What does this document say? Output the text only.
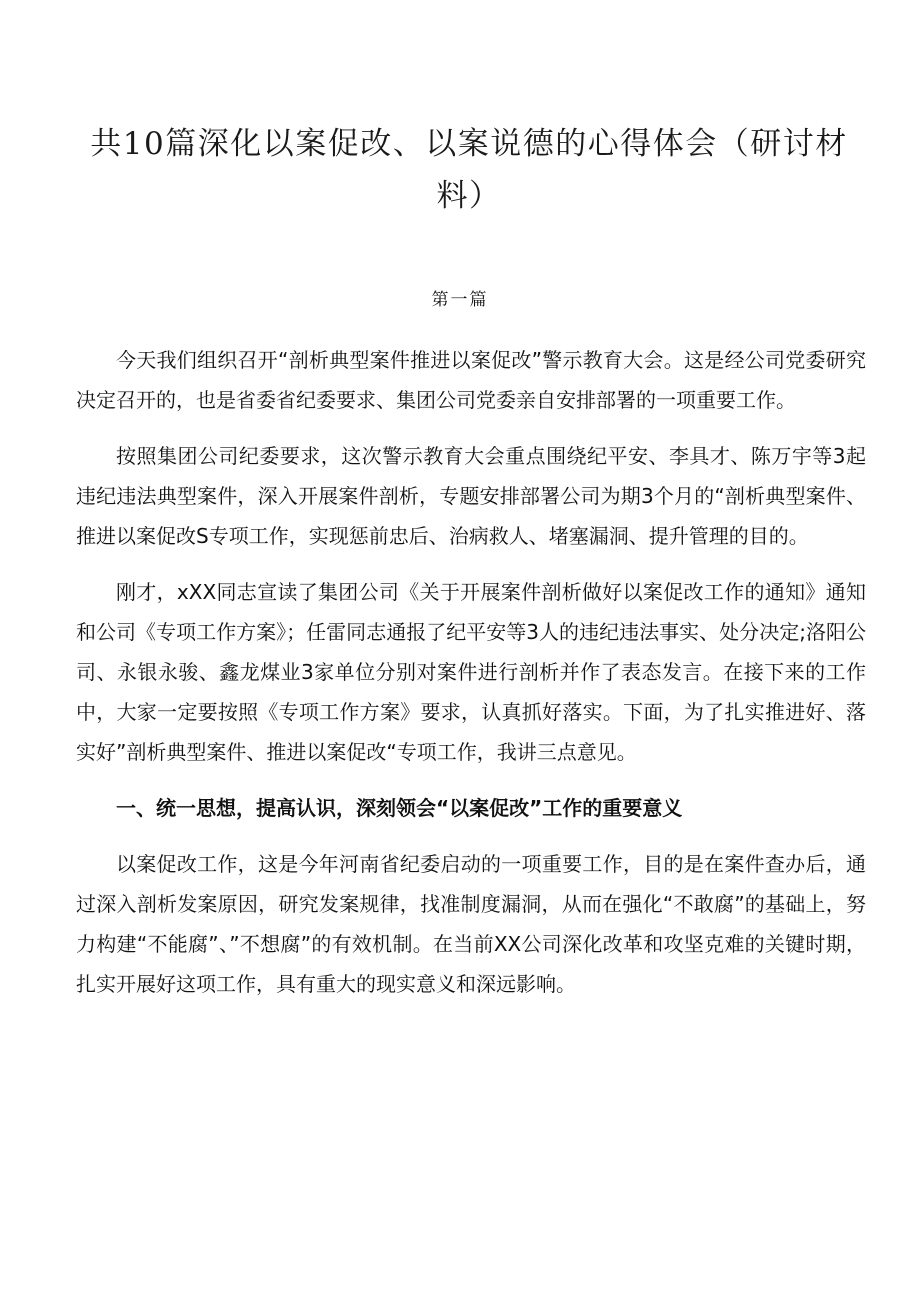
共10篇深化以案促改、以案说德的心得体会（研讨材料）
第一篇

今天我们组织召开“剖析典型案件推进以案促改”警示教育大会。这是经公司党委研究决定召开的，也是省委省纪委要求、集团公司党委亲自安排部署的一项重要工作。

按照集团公司纪委要求，这次警示教育大会重点围绕纪平安、李具才、陈万宇等3起违纪违法典型案件，深入开展案件剖析，专题安排部署公司为期3个月的“剖析典型案件、推进以案促改S专项工作，实现惩前忠后、治病救人、堵塞漏洞、提升管理的目的。

刚才，xXX同志宣读了集团公司《关于开展案件剖析做好以案促改工作的通知》通知和公司《专项工作方案》；任雷同志通报了纪平安等3人的违纪违法事实、处分决定;洛阳公司、永银永骏、鑫龙煤业3家单位分别对案件进行剖析并作了表态发言。在接下来的工作中，大家一定要按照《专项工作方案》要求，认真抓好落实。下面，为了扎实推进好、落实好”剖析典型案件、推进以案促改“专项工作，我讲三点意见。

一、统一思想，提高认识，深刻领会“以案促改”工作的重要意义

以案促改工作，这是今年河南省纪委启动的一项重要工作，目的是在案件查办后，通过深入剖析发案原因，研究发案规律，找准制度漏洞，从而在强化“不敢腐”的基础上，努力构建“不能腐”、”不想腐”的有效机制。在当前XX公司深化改革和攻坚克难的关键时期，扎实开展好这项工作，具有重大的现实意义和深远影响。
